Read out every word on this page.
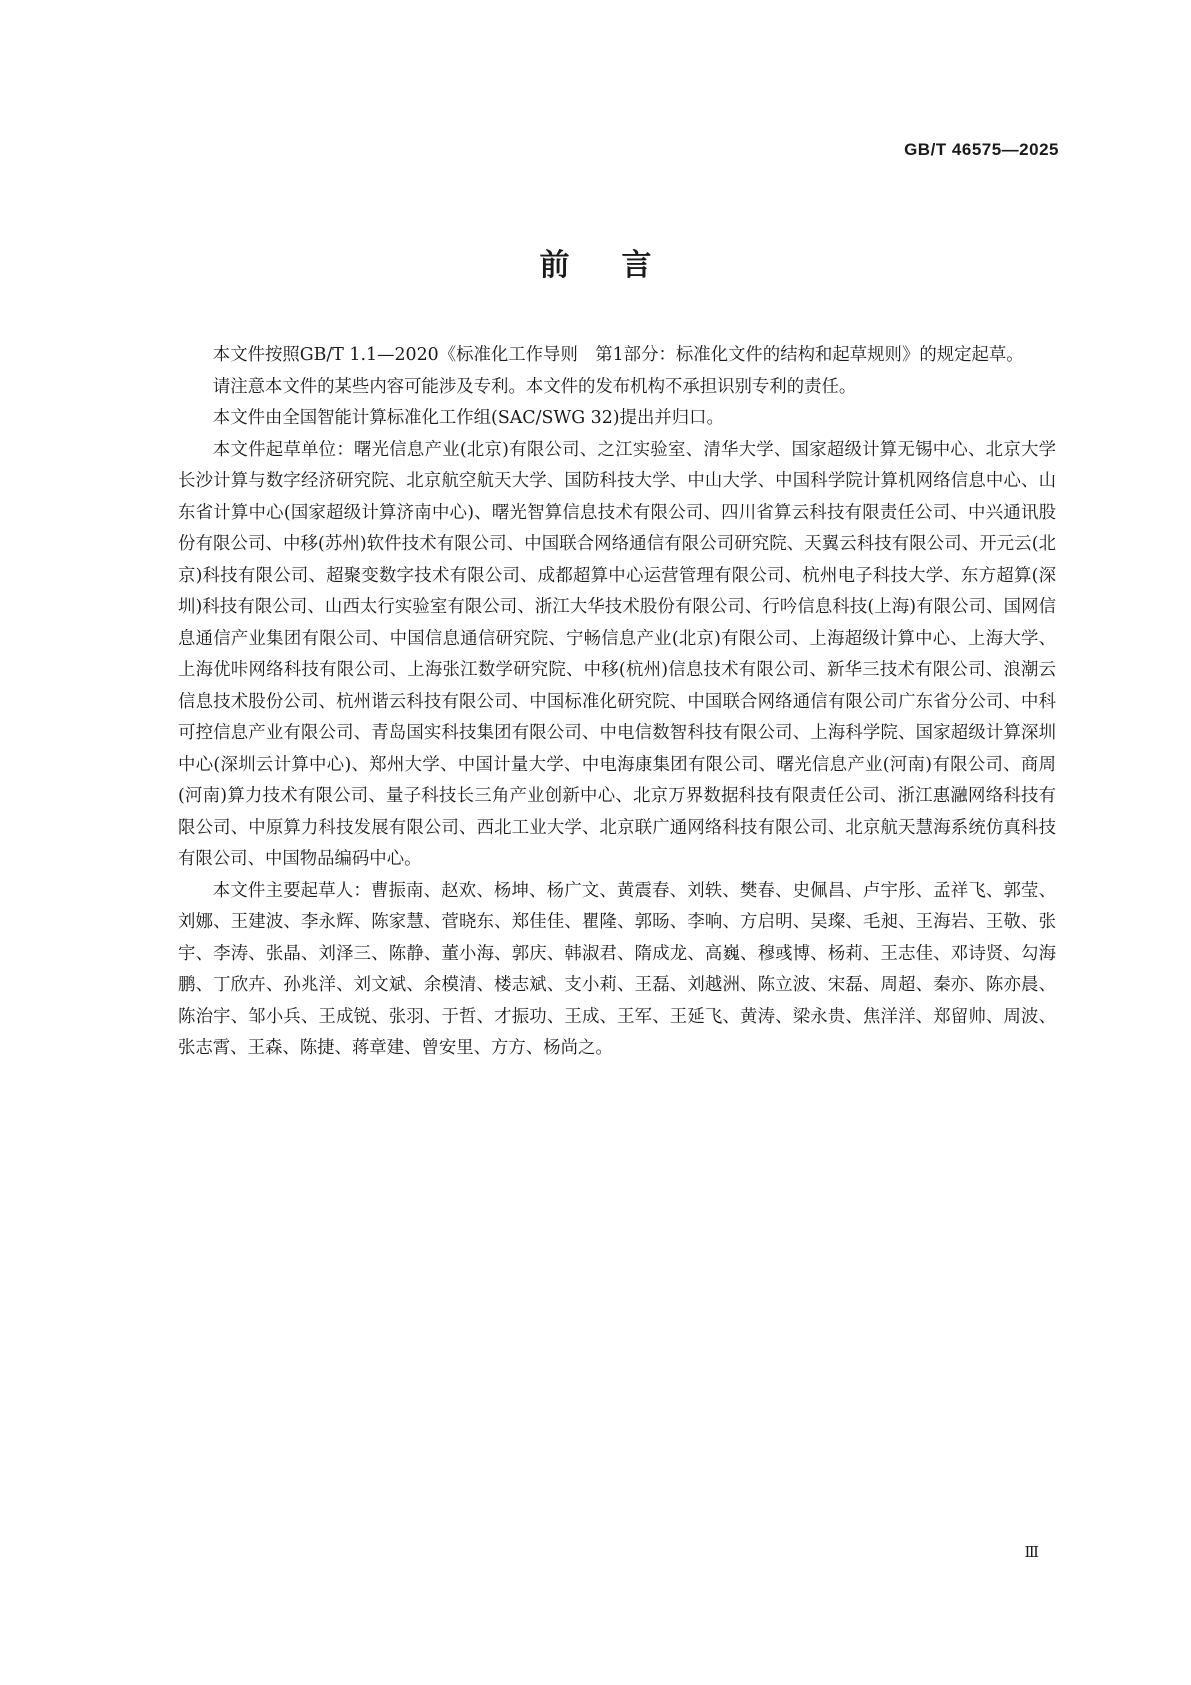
GB/T 46575—2025
前言

本文件按照GB/T 1.1—2020《标准化工作导则　第1部分：标准化文件的结构和起草规则》的规定起草。

请注意本文件的某些内容可能涉及专利。本文件的发布机构不承担识别专利的责任。

本文件由全国智能计算标准化工作组(SAC/SWG 32)提出并归口。

本文件起草单位：曙光信息产业(北京)有限公司、之江实验室、清华大学、国家超级计算无锡中心、北京大学长沙计算与数字经济研究院、北京航空航天大学、国防科技大学、中山大学、中国科学院计算机网络信息中心、山东省计算中心(国家超级计算济南中心)、曙光智算信息技术有限公司、四川省算云科技有限责任公司、中兴通讯股份有限公司、中移(苏州)软件技术有限公司、中国联合网络通信有限公司研究院、天翼云科技有限公司、开元云(北京)科技有限公司、超聚变数字技术有限公司、成都超算中心运营管理有限公司、杭州电子科技大学、东方超算(深圳)科技有限公司、山西太行实验室有限公司、浙江大华技术股份有限公司、行吟信息科技(上海)有限公司、国网信息通信产业集团有限公司、中国信息通信研究院、宁畅信息产业(北京)有限公司、上海超级计算中心、上海大学、上海优咔网络科技有限公司、上海张江数学研究院、中移(杭州)信息技术有限公司、新华三技术有限公司、浪潮云信息技术股份公司、杭州谐云科技有限公司、中国标准化研究院、中国联合网络通信有限公司广东省分公司、中科可控信息产业有限公司、青岛国实科技集团有限公司、中电信数智科技有限公司、上海科学院、国家超级计算深圳中心(深圳云计算中心)、郑州大学、中国计量大学、中电海康集团有限公司、曙光信息产业(河南)有限公司、商周(河南)算力技术有限公司、量子科技长三角产业创新中心、北京万界数据科技有限责任公司、浙江惠瀜网络科技有限公司、中原算力科技发展有限公司、西北工业大学、北京联广通网络科技有限公司、北京航天慧海系统仿真科技有限公司、中国物品编码中心。

本文件主要起草人：曹振南、赵欢、杨坤、杨广文、黄震春、刘轶、樊春、史佩昌、卢宇彤、孟祥飞、郭莹、刘娜、王建波、李永辉、陈家慧、菅晓东、郑佳佳、瞿隆、郭旸、李响、方启明、吴璨、毛昶、王海岩、王敬、张宇、李涛、张晶、刘泽三、陈静、董小海、郭庆、韩淑君、隋成龙、高巍、穆彧博、杨莉、王志佳、邓诗贤、勾海鹏、丁欣卉、孙兆洋、刘文斌、余模清、楼志斌、支小莉、王磊、刘越洲、陈立波、宋磊、周超、秦亦、陈亦晨、陈治宇、邹小兵、王成锐、张羽、于哲、才振功、王成、王军、王延飞、黄涛、梁永贵、焦洋洋、郑留帅、周波、张志霄、王森、陈捷、蒋章建、曾安里、方方、杨尚之。

Ⅲ
